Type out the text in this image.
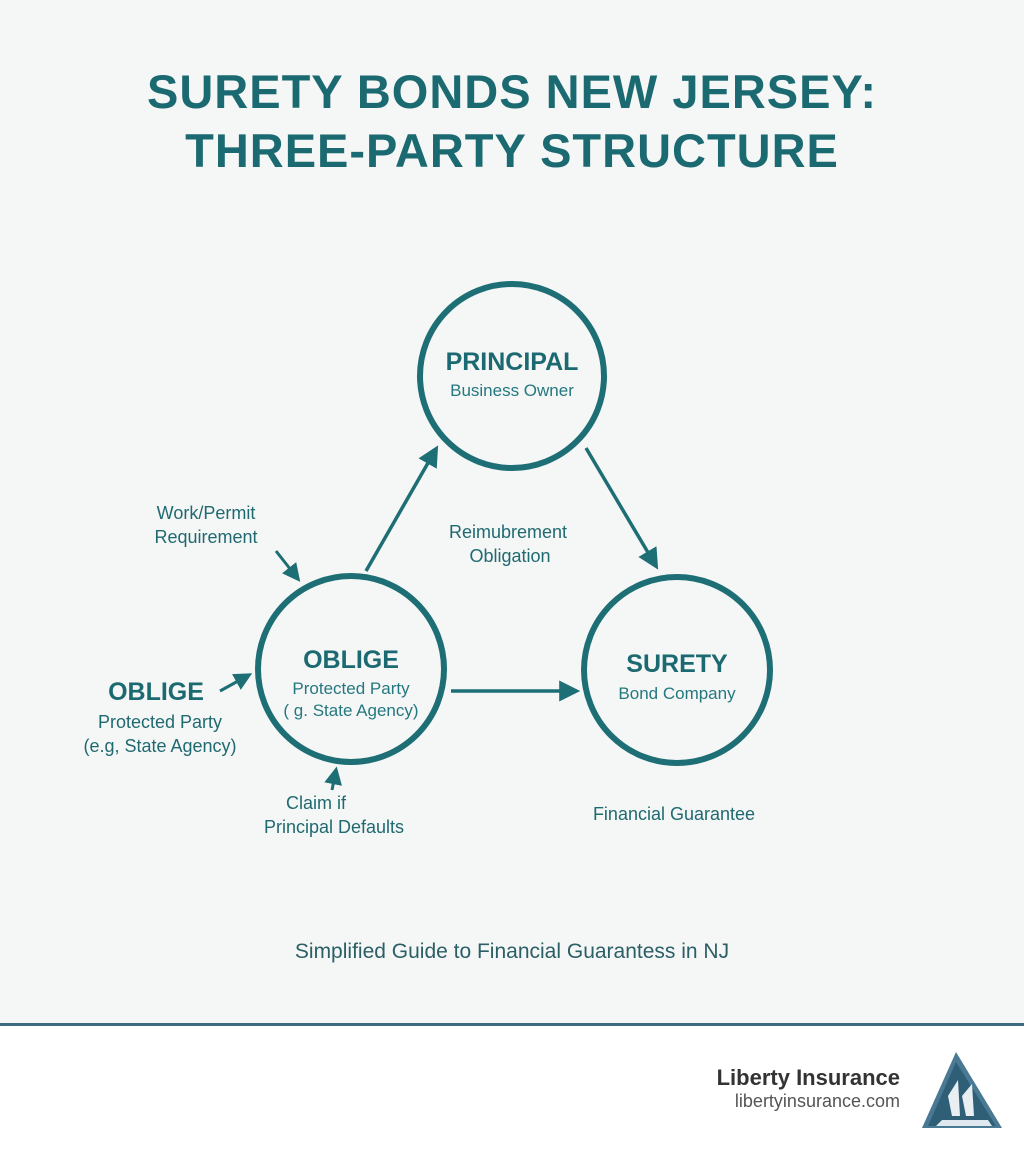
SURETY BONDS NEW JERSEY:
THREE-PARTY STRUCTURE
PRINCIPAL
Business Owner
OBLIGE
Protected Party
( g. State Agency)
SURETY
Bond Company
OBLIGE
Protected Party
(e.g, State Agency)
Work/Permit
Requirement	Reimubrement
Obligation
Claim if
Principal Defaults
Financial Guarantee
Simplified Guide to Financial Guarantess in NJ
Liberty Insurance
libertyinsurance.com
